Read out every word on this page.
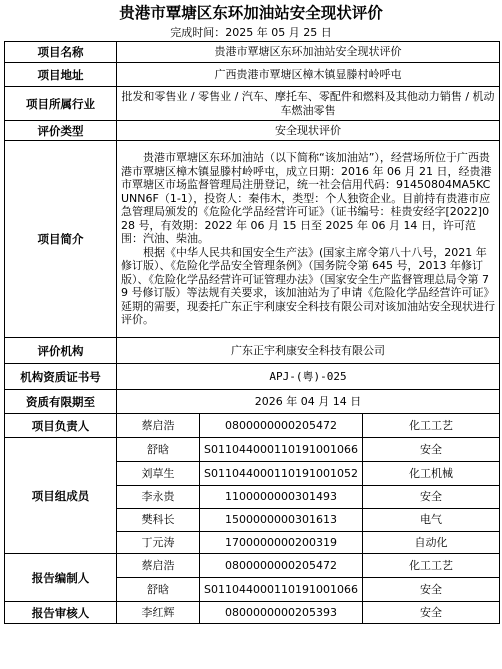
贵港市覃塘区东环加油站安全现状评价
完成时间：2025 年 05 月 25 日
项目名称	贵港市覃塘区东环加油站安全现状评价		
项目地址	广西贵港市覃塘区樟木镇显滕村岭呼屯		
项目所属行业	批发和零售业 / 零售业 / 汽车、摩托车、零配件和燃料及其他动力销售 / 机动车燃油零售		
评价类型	安全现状评价		
项目简介	贵港市覃塘区东环加油站（以下简称“该加油站”），经营场所位于广西贵港市覃塘区樟木镇显滕村岭呼屯，成立日期：2016 年 06 月 21 日，经贵港市覃塘区市场监督管理局注册登记，统一社会信用代码：91450804MA5KCUNN6F（1-1），投资人：秦伟木，类型：个人独资企业。目前持有贵港市应急管理局颁发的《危险化学品经营许可证》（证书编号：桂贵安经字[2022]028 号，有效期：2022 年 06 月 15 日至 2025 年 06 月 14 日，许可范围：汽油、柴油。

根据《中华人民共和国安全生产法》(国家主席令第八十八号，2021 年修订版）、《危险化学品安全管理条例》（国务院令第 645 号，2013 年修订版）、《危险化学品经营许可证管理办法》（国家安全生产监督管理总局令第 79 号修订版）等法规有关要求，该加油站为了申请《危险化学品经营许可证》延期的需要，现委托广东正宇利康安全科技有限公司对该加油站安全现状进行评价。		

评价机构	广东正宇利康安全科技有限公司		
机构资质证书号	APJ-(粤)-025		
资质有限期至	2026 年 04 月 14 日		
项目负责人	蔡启浩	0800000000205472	化工工艺
项目组成员	舒晗	S011044000110191001066	安全
	刘草生	S011044000110191001052	化工机械
	李永贵	1100000000301493	安全
	樊科长	1500000000301613	电气
	丁元涛	1700000000200319	自动化
报告编制人	蔡启浩	0800000000205472	化工工艺
	舒晗	S011044000110191001066	安全
报告审核人	李红辉	0800000000205393	安全
